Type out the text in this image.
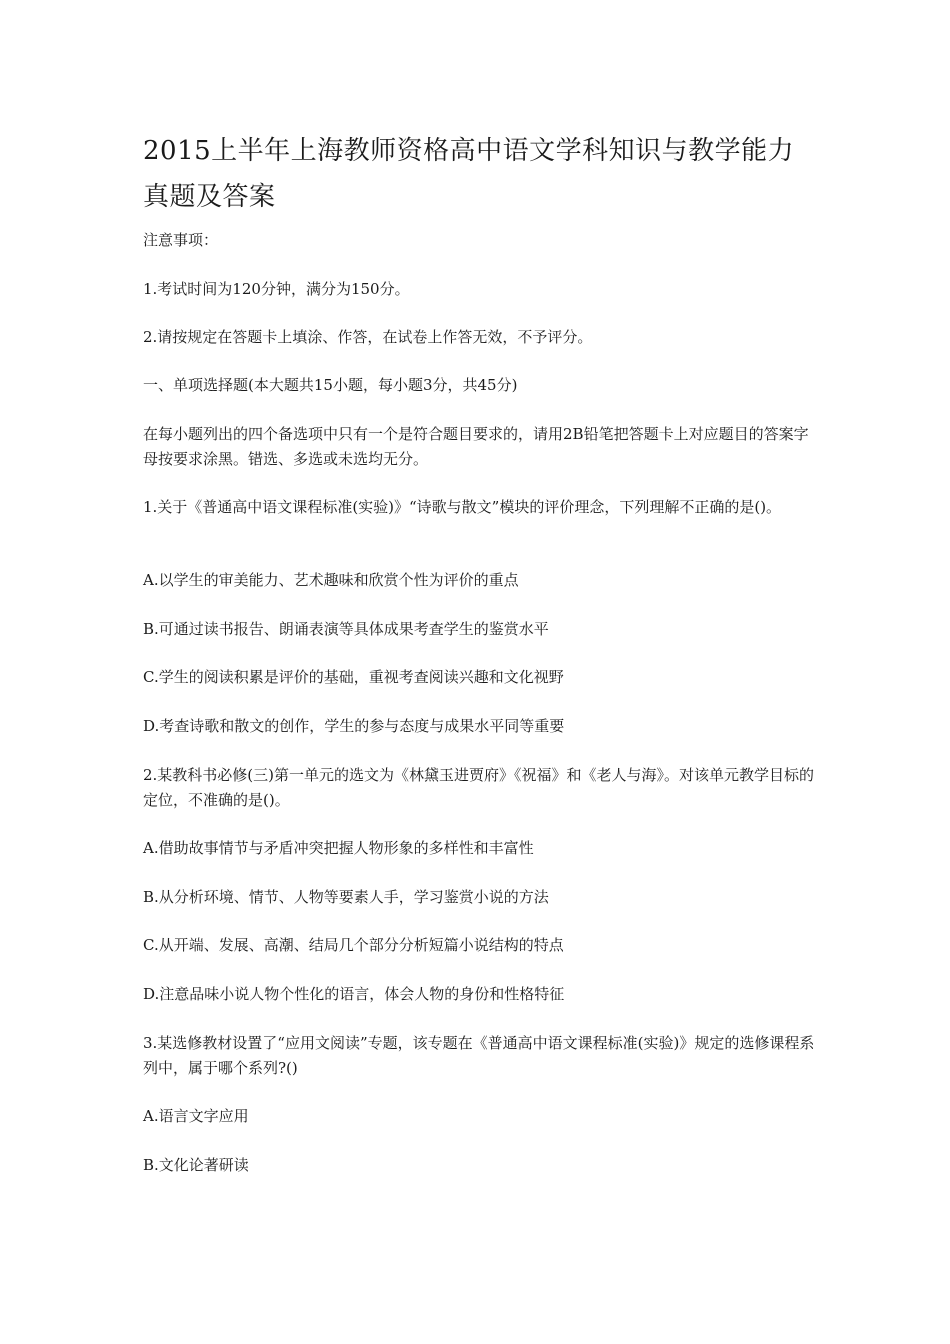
2015上半年上海教师资格高中语文学科知识与教学能力真题及答案

注意事项：

1.考试时间为120分钟，满分为150分。

2.请按规定在答题卡上填涂、作答，在试卷上作答无效，不予评分。

一、单项选择题(本大题共15小题，每小题3分，共45分)

在每小题列出的四个备选项中只有一个是符合题目要求的，请用2B铅笔把答题卡上对应题目的答案字母按要求涂黑。错选、多选或未选均无分。

1.关于《普通高中语文课程标准(实验)》“诗歌与散文”模块的评价理念，下列理解不正确的是()。

A.以学生的审美能力、艺术趣味和欣赏个性为评价的重点

B.可通过读书报告、朗诵表演等具体成果考查学生的鉴赏水平

C.学生的阅读积累是评价的基础，重视考查阅读兴趣和文化视野

D.考查诗歌和散文的创作，学生的参与态度与成果水平同等重要

2.某教科书必修(三)第一单元的选文为《林黛玉进贾府》《祝福》和《老人与海》。对该单元教学目标的定位，不准确的是()。

A.借助故事情节与矛盾冲突把握人物形象的多样性和丰富性

B.从分析环境、情节、人物等要素人手，学习鉴赏小说的方法

C.从开端、发展、高潮、结局几个部分分析短篇小说结构的特点

D.注意品味小说人物个性化的语言，体会人物的身份和性格特征

3.某选修教材设置了“应用文阅读”专题，该专题在《普通高中语文课程标准(实验)》规定的选修课程系列中，属于哪个系列?()

A.语言文字应用

B.文化论著研读
